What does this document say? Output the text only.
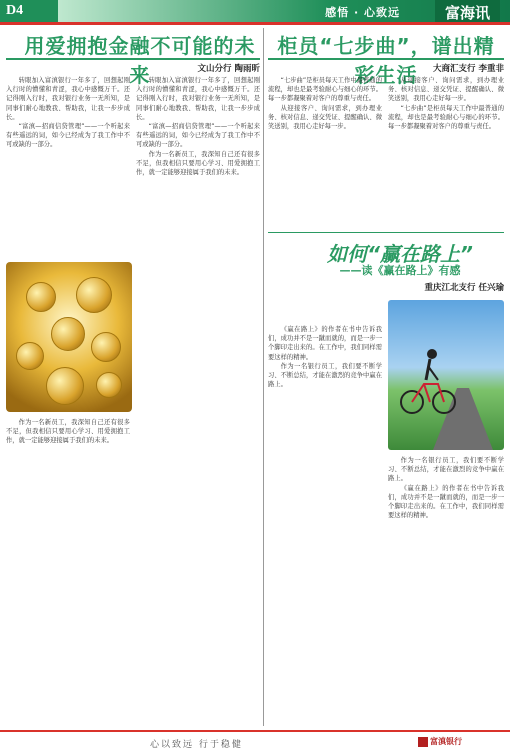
D4	感悟 · 心致远	富海讯
用爱拥抱金融不可能的未来	文山分行 陶雨昕

转眼加入富滇银行一年多了，回想起刚入行时的懵懂和青涩，我心中感慨万千。还记得刚入行时，我对银行业务一无所知，是同事们耐心地教我、帮助我，让我一步步成长。

“富滇—招商信贷管理”——一个听起来有些遥远的词，如今已经成为了我工作中不可或缺的一部分。

作为一名新员工，我深知自己还有很多不足，但我相信只要用心学习、用爱拥抱工作，就一定能够迎接属于我们的未来。

转眼加入富滇银行一年多了，回想起刚入行时的懵懂和青涩，我心中感慨万千。还记得刚入行时，我对银行业务一无所知，是同事们耐心地教我、帮助我，让我一步步成长。

“富滇—招商信贷管理”——一个听起来有些遥远的词，如今已经成为了我工作中不可或缺的一部分。

作为一名新员工，我深知自己还有很多不足，但我相信只要用心学习、用爱拥抱工作，就一定能够迎接属于我们的未来。

柜员“七步曲”，谱出精彩生活	大商汇支行 李重非

“七步曲”是柜员每天工作中最普通的流程，却也是最考验耐心与细心的环节。每一步都凝聚着对客户的尊重与责任。

从迎接客户、询问需求，到办理业务、核对信息、递交凭证、提醒确认、微笑送别，我用心走好每一步。

从迎接客户、询问需求，到办理业务、核对信息、递交凭证、提醒确认、微笑送别，我用心走好每一步。

“七步曲”是柜员每天工作中最普通的流程，却也是最考验耐心与细心的环节。每一步都凝聚着对客户的尊重与责任。

如何“赢在路上”
——读《赢在路上》有感
重庆江北支行 任兴瑜

《赢在路上》的作者在书中告诉我们，成功并不是一蹴而就的，而是一步一个脚印走出来的。在工作中，我们同样需要这样的精神。

作为一名银行员工，我们要不断学习、不断总结，才能在激烈的竞争中赢在路上。

作为一名银行员工，我们要不断学习、不断总结，才能在激烈的竞争中赢在路上。

《赢在路上》的作者在书中告诉我们，成功并不是一蹴而就的，而是一步一个脚印走出来的。在工作中，我们同样需要这样的精神。

心以致远 行于稳健	富滇银行
